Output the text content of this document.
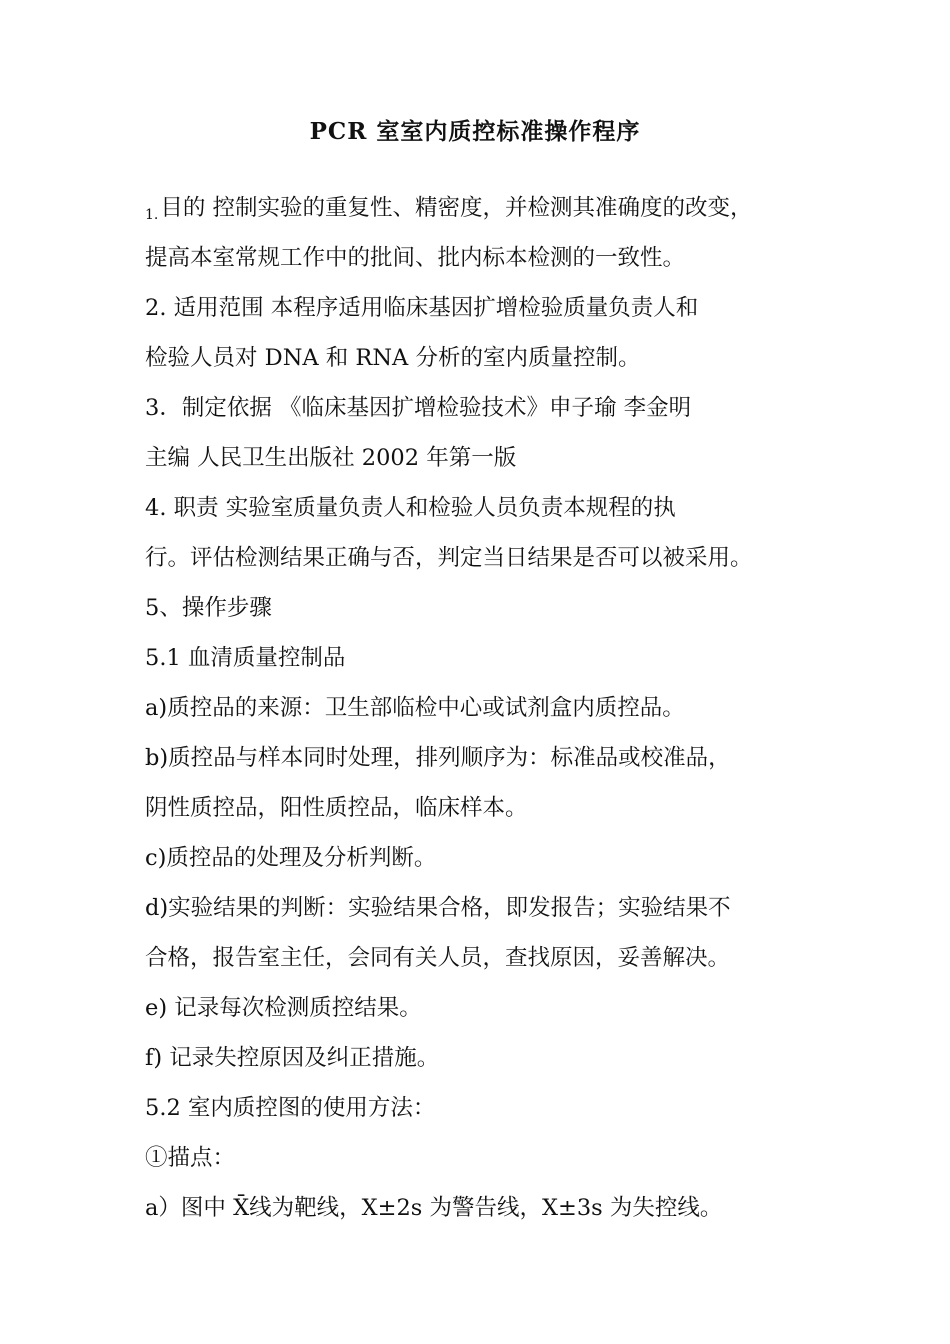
PCR 室室内质控标准操作程序
1.目的 控制实验的重复性、精密度，并检测其准确度的改变，
提高本室常规工作中的批间、批内标本检测的一致性。
2. 适用范围 本程序适用临床基因扩增检验质量负责人和
检验人员对 DNA 和 RNA 分析的室内质量控制。
3．制定依据 《临床基因扩增检验技术》申子瑜 李金明
主编 人民卫生出版社 2002 年第一版
4. 职责 实验室质量负责人和检验人员负责本规程的执
行。评估检测结果正确与否，判定当日结果是否可以被采用。
5、操作步骤
5.1 血清质量控制品
a)质控品的来源：卫生部临检中心或试剂盒内质控品。
b)质控品与样本同时处理，排列顺序为：标准品或校准品，
阴性质控品，阳性质控品，临床样本。
c)质控品的处理及分析判断。
d)实验结果的判断：实验结果合格，即发报告；实验结果不
合格，报告室主任，会同有关人员，查找原因，妥善解决。
e) 记录每次检测质控结果。
f) 记录失控原因及纠正措施。
5.2 室内质控图的使用方法：
①描点：
a）图中 X̄线为靶线，X±2s 为警告线，X±3s 为失控线。
